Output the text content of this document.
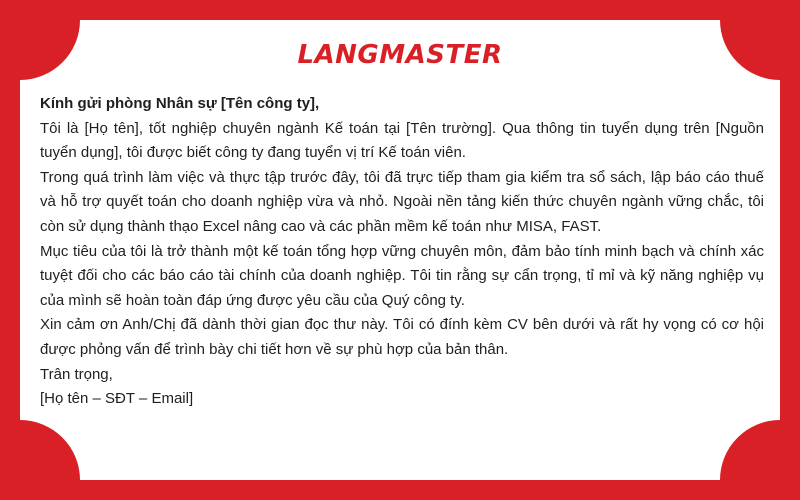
LANGMASTER

Kính gửi phòng Nhân sự [Tên công ty],

Tôi là [Họ tên], tốt nghiệp chuyên ngành Kế toán tại [Tên trường]. Qua thông tin tuyển dụng trên [Nguồn tuyển dụng], tôi được biết công ty đang tuyển vị trí Kế toán viên.

Trong quá trình làm việc và thực tập trước đây, tôi đã trực tiếp tham gia kiểm tra sổ sách, lập báo cáo thuế và hỗ trợ quyết toán cho doanh nghiệp vừa và nhỏ. Ngoài nền tảng kiến thức chuyên ngành vững chắc, tôi còn sử dụng thành thạo Excel nâng cao và các phần mềm kế toán như MISA, FAST.

Mục tiêu của tôi là trở thành một kế toán tổng hợp vững chuyên môn, đảm bảo tính minh bạch và chính xác tuyệt đối cho các báo cáo tài chính của doanh nghiệp. Tôi tin rằng sự cẩn trọng, tỉ mỉ và kỹ năng nghiệp vụ của mình sẽ hoàn toàn đáp ứng được yêu cầu của Quý công ty.

Xin cảm ơn Anh/Chị đã dành thời gian đọc thư này. Tôi có đính kèm CV bên dưới và rất hy vọng có cơ hội được phỏng vấn để trình bày chi tiết hơn về sự phù hợp của bản thân.

Trân trọng,

[Họ tên – SĐT – Email]
